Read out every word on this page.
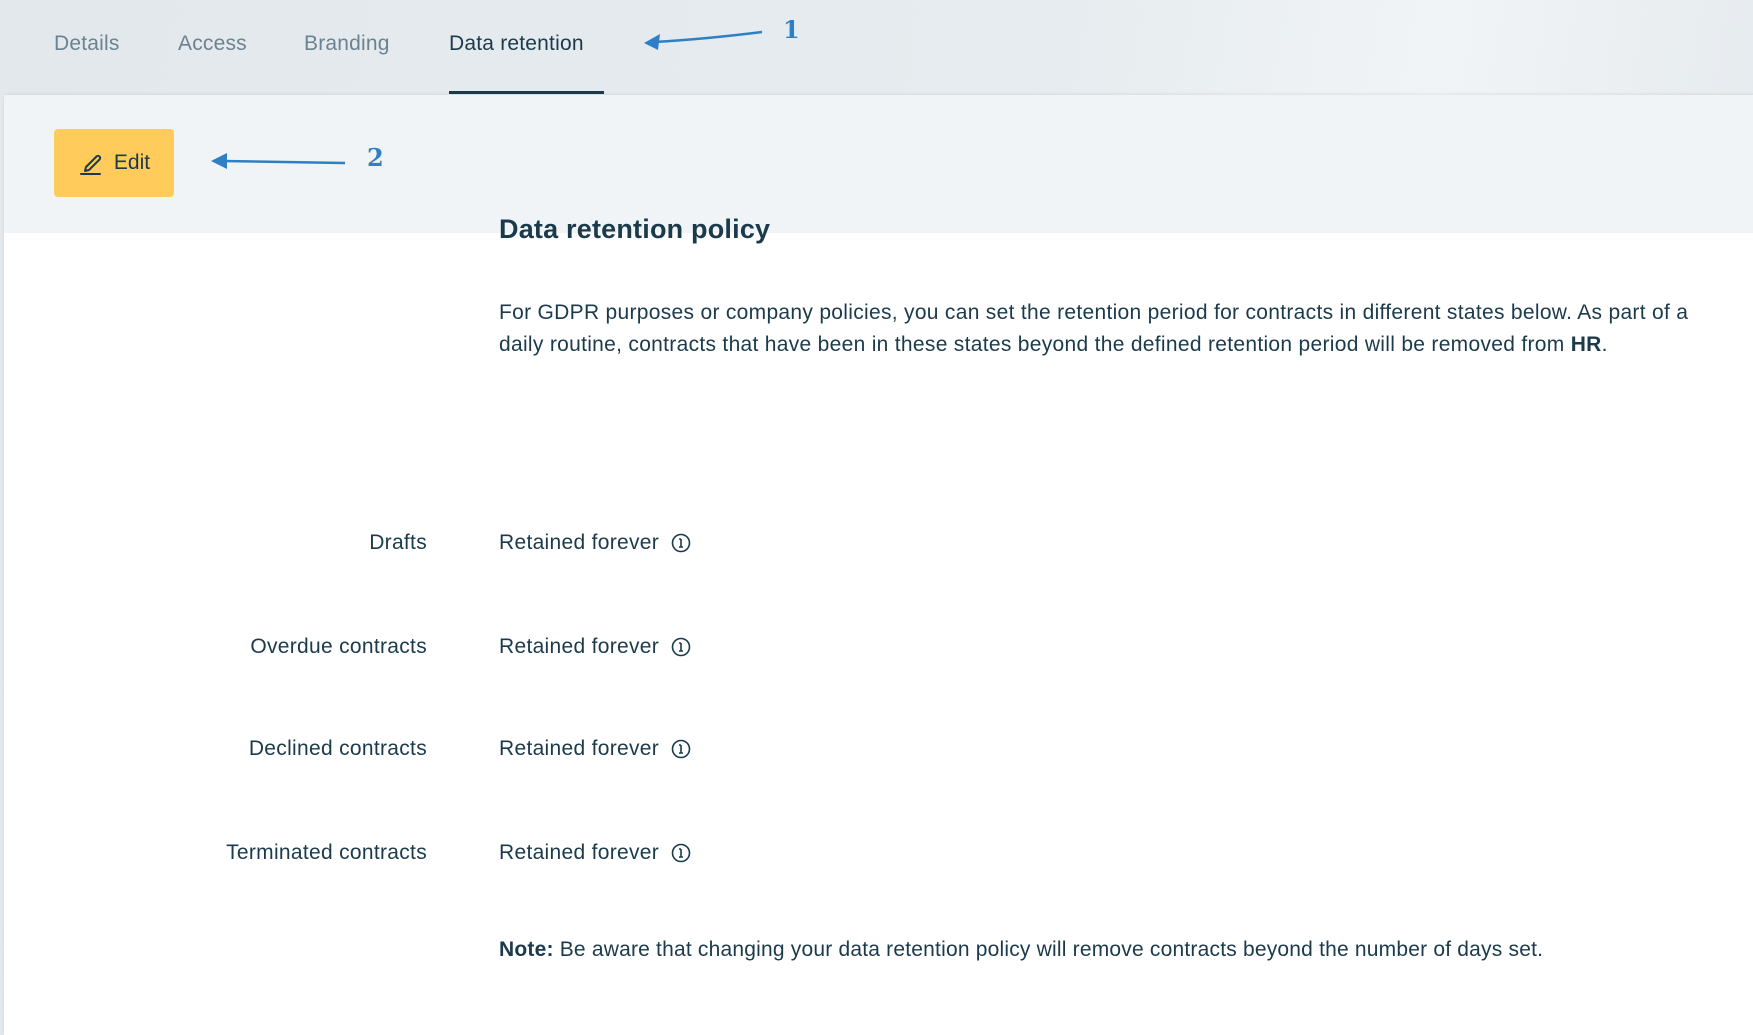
Details	Access	Branding	Data retention
Edit
Data retention policy
For GDPR purposes or company policies, you can set the retention period for contracts in different states below. As part of a daily routine, contracts that have been in these states beyond the defined retention period will be removed from HR.
Drafts	Retained forever
Overdue contracts	Retained forever
Declined contracts	Retained forever
Terminated contracts	Retained forever
Note: Be aware that changing your data retention policy will remove contracts beyond the number of days set.
1
2
